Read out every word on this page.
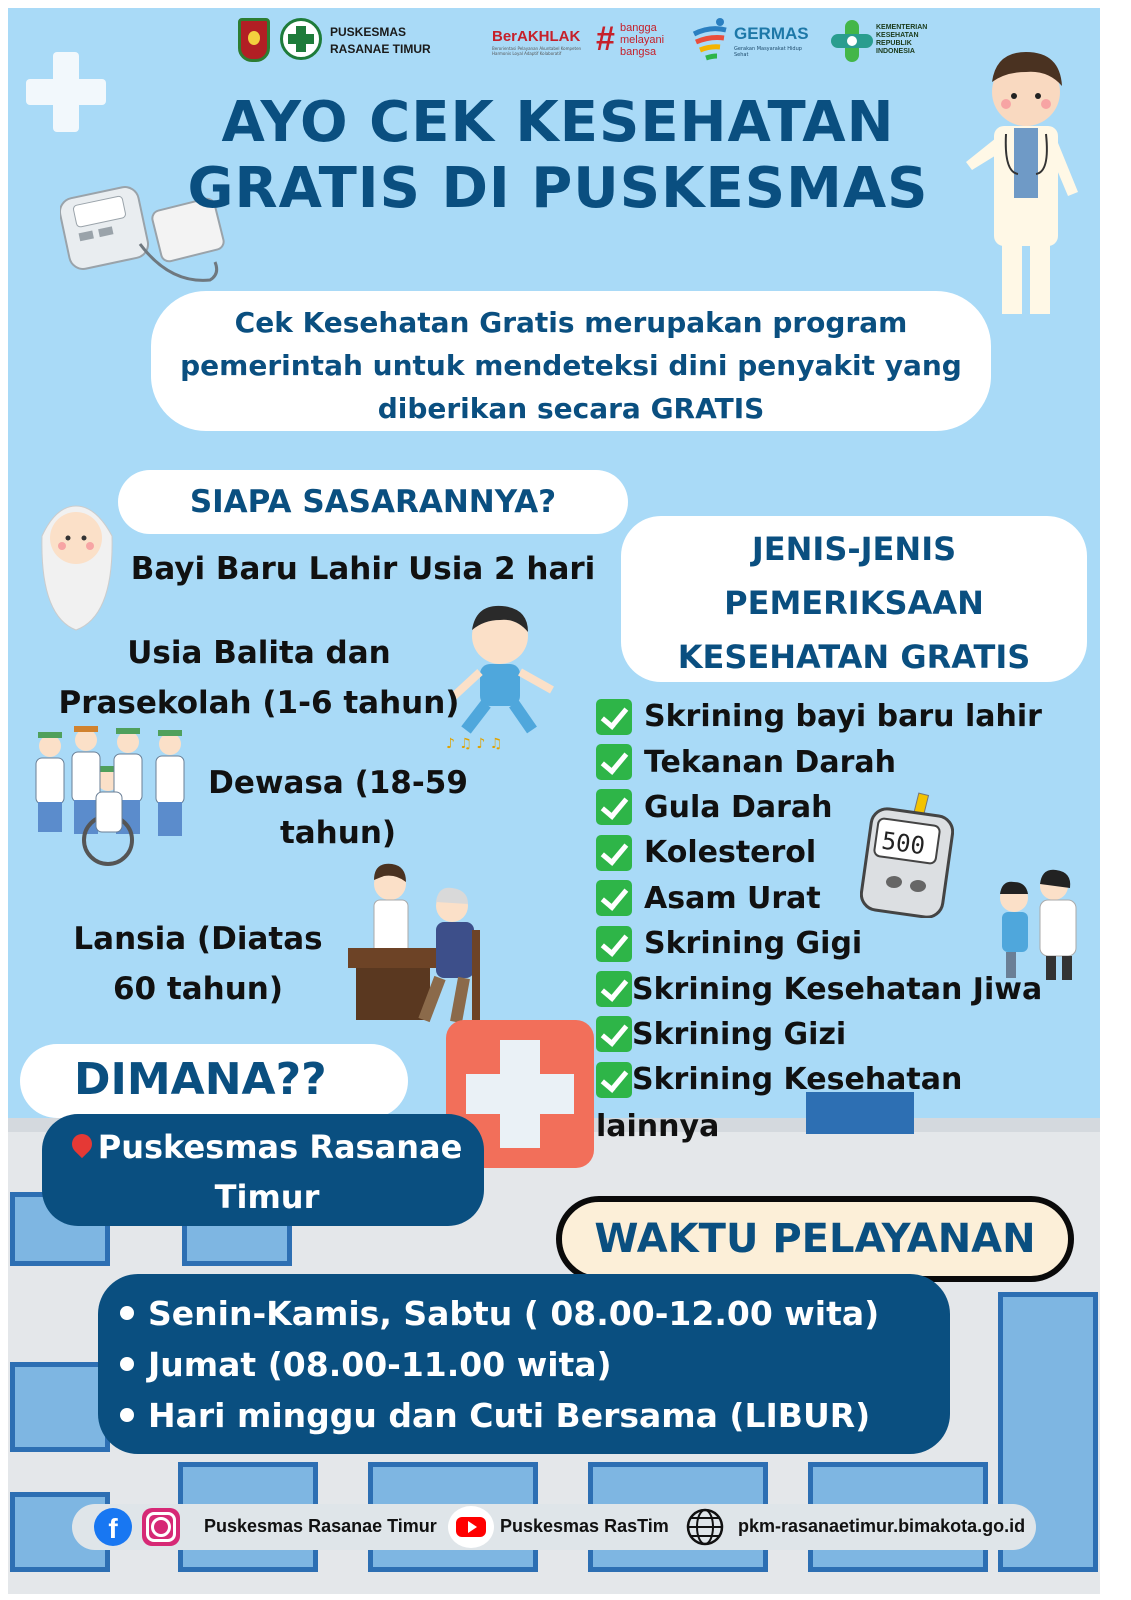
PUSKESMAS RASANAE TIMUR
BerAKHLAK
Berorientasi Pelayanan Akuntabel Kompeten Harmonis Loyal Adaptif Kolaboratif	# bangga melayani bangsa
GERMAS
Gerakan Masyarakat Hidup Sehat
KEMENTERIAN KESEHATAN REPUBLIK INDONESIA
AYO CEK KESEHATAN GRATIS DI PUSKESMAS
Cek Kesehatan Gratis merupakan program pemerintah untuk mendeteksi dini penyakit yang diberikan secara GRATIS
SIAPA SASARANNYA?
♪ ♫ ♪ ♫
Bayi Baru Lahir Usia 2 hari
Usia Balita dan Prasekolah (1-6 tahun)
Dewasa (18-59 tahun)
Lansia (Diatas 60 tahun)
JENIS-JENIS PEMERIKSAAN KESEHATAN GRATIS
500
Skrining bayi baru lahir
Tekanan Darah
Gula Darah
Kolesterol
Asam Urat
Skrining Gigi
Skrining Kesehatan Jiwa
Skrining Gizi
Skrining Kesehatan
lainnya
DIMANA??
Puskesmas Rasanae Timur
WAKTU PELAYANAN
Senin-Kamis, Sabtu ( 08.00-12.00 wita)
Jumat (08.00-11.00 wita)
Hari minggu dan Cuti Bersama (LIBUR)
f	Puskesmas Rasanae Timur	Puskesmas RasTim	pkm-rasanaetimur.bimakota.go.id
